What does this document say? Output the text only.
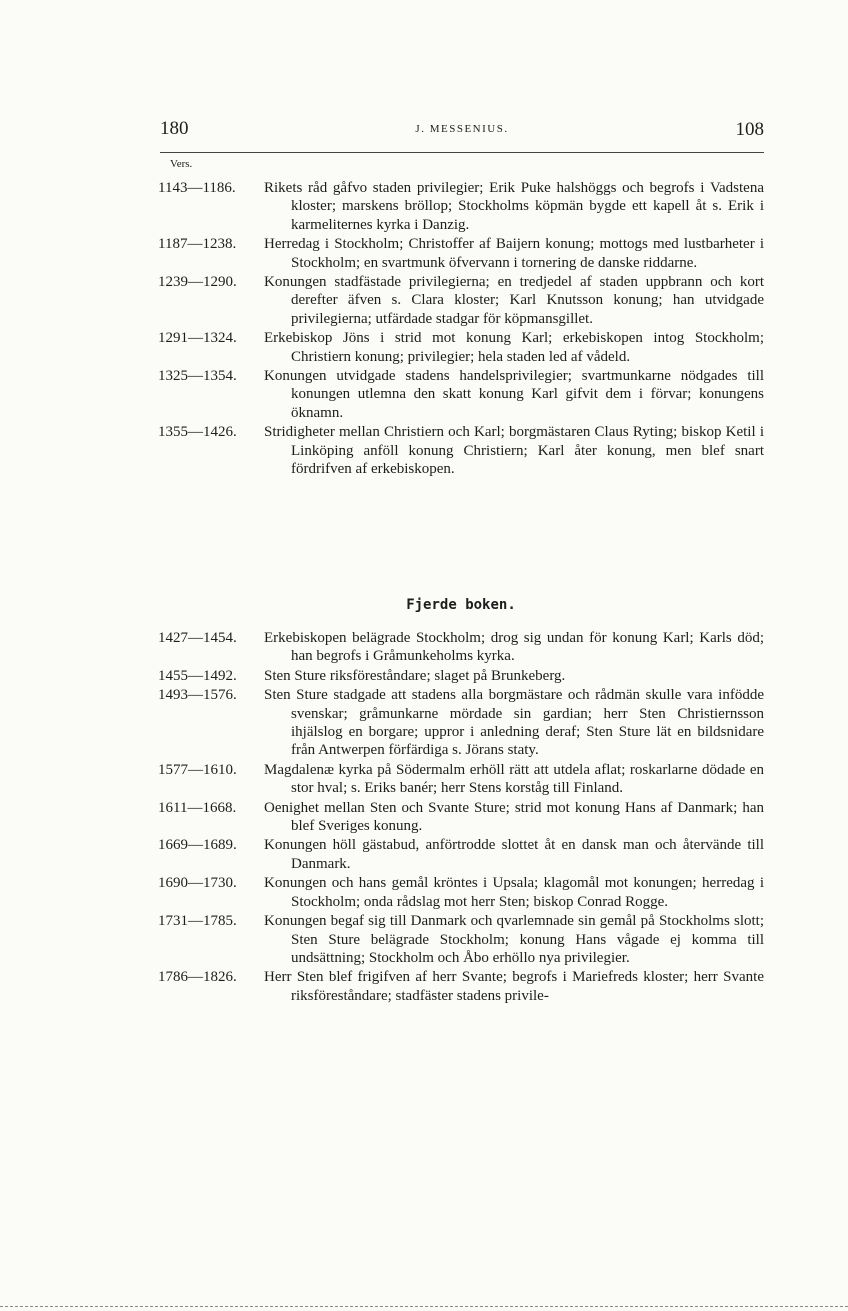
180	J. MESSENIUS.	108
Vers.
1143—1186.	Rikets råd gåfvo staden privilegier; Erik Puke halshöggs och begrofs i Vadstena kloster; marskens bröllop; Stockholms köpmän bygde ett kapell åt s. Erik i karmeliternes kyrka i Danzig.
1187—1238.	Herredag i Stockholm; Christoffer af Baijern konung; mottogs med lustbarheter i Stockholm; en svartmunk öfvervann i tornering de danske riddarne.
1239—1290.	Konungen stadfästade privilegierna; en tredjedel af staden uppbrann och kort derefter äfven s. Clara kloster; Karl Knutsson konung; han utvidgade privilegierna; utfärdade stadgar för köpmansgillet.
1291—1324.	Erkebiskop Jöns i strid mot konung Karl; erkebiskopen intog Stockholm; Christiern konung; privilegier; hela staden led af vådeld.
1325—1354.	Konungen utvidgade stadens handelsprivilegier; svartmunkarne nödgades till konungen utlemna den skatt konung Karl gifvit dem i förvar; konungens öknamn.
1355—1426.	Stridigheter mellan Christiern och Karl; borgmästaren Claus Ryting; biskop Ketil i Linköping anföll konung Christiern; Karl åter konung, men blef snart fördrifven af erkebiskopen.
Fjerde boken.
1427—1454.	Erkebiskopen belägrade Stockholm; drog sig undan för konung Karl; Karls död; han begrofs i Gråmunkeholms kyrka.
1455—1492.	Sten Sture riksföreståndare; slaget på Brunkeberg.
1493—1576.	Sten Sture stadgade att stadens alla borgmästare och rådmän skulle vara infödde svenskar; gråmunkarne mördade sin gardian; herr Sten Christiernsson ihjälslog en borgare; uppror i anledning deraf; Sten Sture lät en bildsnidare från Antwerpen förfärdiga s. Jörans staty.
1577—1610.	Magdalenæ kyrka på Södermalm erhöll rätt att utdela aflat; roskarlarne dödade en stor hval; s. Eriks banér; herr Stens korståg till Finland.
1611—1668.	Oenighet mellan Sten och Svante Sture; strid mot konung Hans af Danmark; han blef Sveriges konung.
1669—1689.	Konungen höll gästabud, anförtrodde slottet åt en dansk man och återvände till Danmark.
1690—1730.	Konungen och hans gemål kröntes i Upsala; klagomål mot konungen; herredag i Stockholm; onda rådslag mot herr Sten; biskop Conrad Rogge.
1731—1785.	Konungen begaf sig till Danmark och qvarlemnade sin gemål på Stockholms slott; Sten Sture belägrade Stockholm; konung Hans vågade ej komma till undsättning; Stockholm och Åbo erhöllo nya privilegier.
1786—1826.	Herr Sten blef frigifven af herr Svante; begrofs i Mariefreds kloster; herr Svante riksföreståndare; stadfäster stadens privile-
